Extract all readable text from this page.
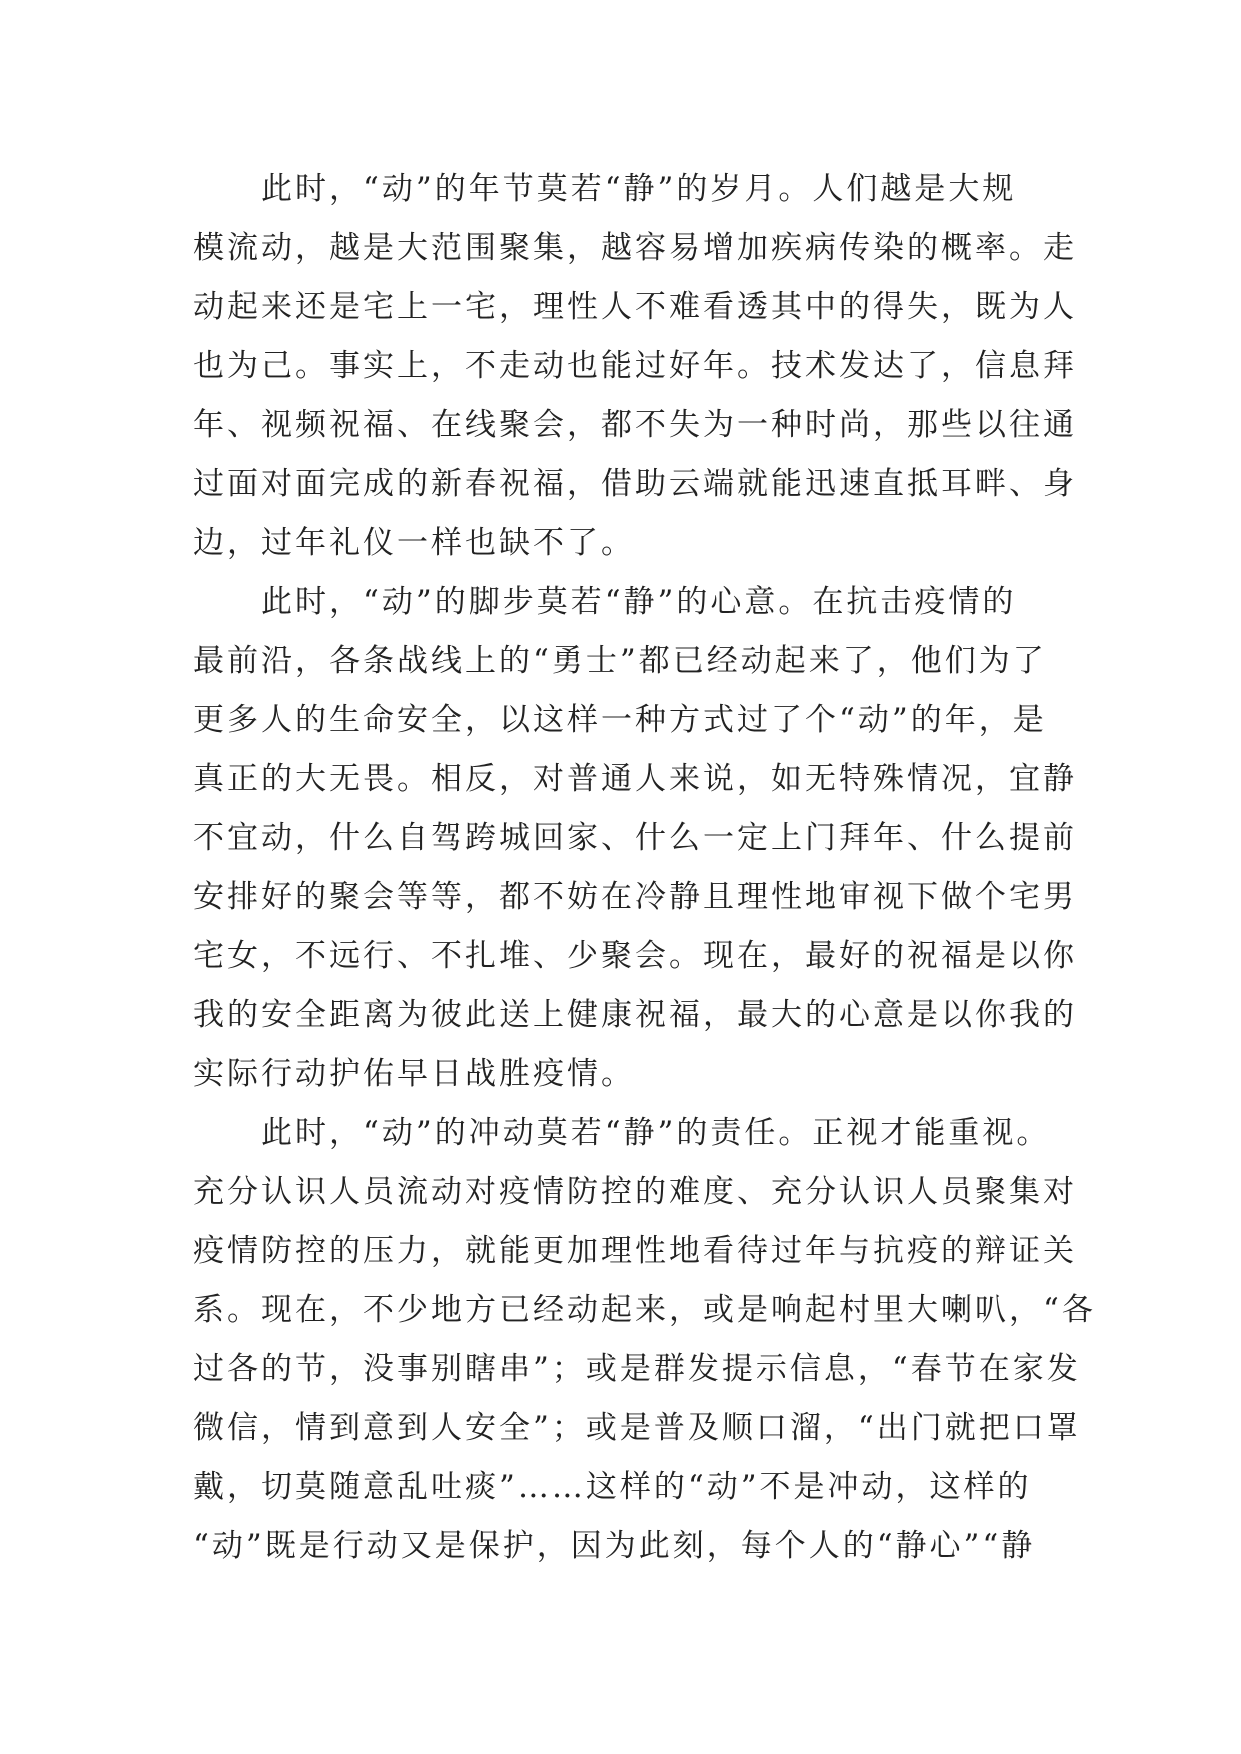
　　此时，“动”的年节莫若“静”的岁月。人们越是大规
模流动，越是大范围聚集，越容易增加疾病传染的概率。走
动起来还是宅上一宅，理性人不难看透其中的得失，既为人
也为己。事实上，不走动也能过好年。技术发达了，信息拜
年、视频祝福、在线聚会，都不失为一种时尚，那些以往通
过面对面完成的新春祝福，借助云端就能迅速直抵耳畔、身
边，过年礼仪一样也缺不了。
　　此时，“动”的脚步莫若“静”的心意。在抗击疫情的
最前沿，各条战线上的“勇士”都已经动起来了，他们为了
更多人的生命安全，以这样一种方式过了个“动”的年，是
真正的大无畏。相反，对普通人来说，如无特殊情况，宜静
不宜动，什么自驾跨城回家、什么一定上门拜年、什么提前
安排好的聚会等等，都不妨在冷静且理性地审视下做个宅男
宅女，不远行、不扎堆、少聚会。现在，最好的祝福是以你
我的安全距离为彼此送上健康祝福，最大的心意是以你我的
实际行动护佑早日战胜疫情。
　　此时，“动”的冲动莫若“静”的责任。正视才能重视。
充分认识人员流动对疫情防控的难度、充分认识人员聚集对
疫情防控的压力，就能更加理性地看待过年与抗疫的辩证关
系。现在，不少地方已经动起来，或是响起村里大喇叭，“各
过各的节，没事别瞎串”；或是群发提示信息，“春节在家发
微信，情到意到人安全”；或是普及顺口溜，“出门就把口罩
戴，切莫随意乱吐痰”……这样的“动”不是冲动，这样的
“动”既是行动又是保护，因为此刻，每个人的“静心”“静
